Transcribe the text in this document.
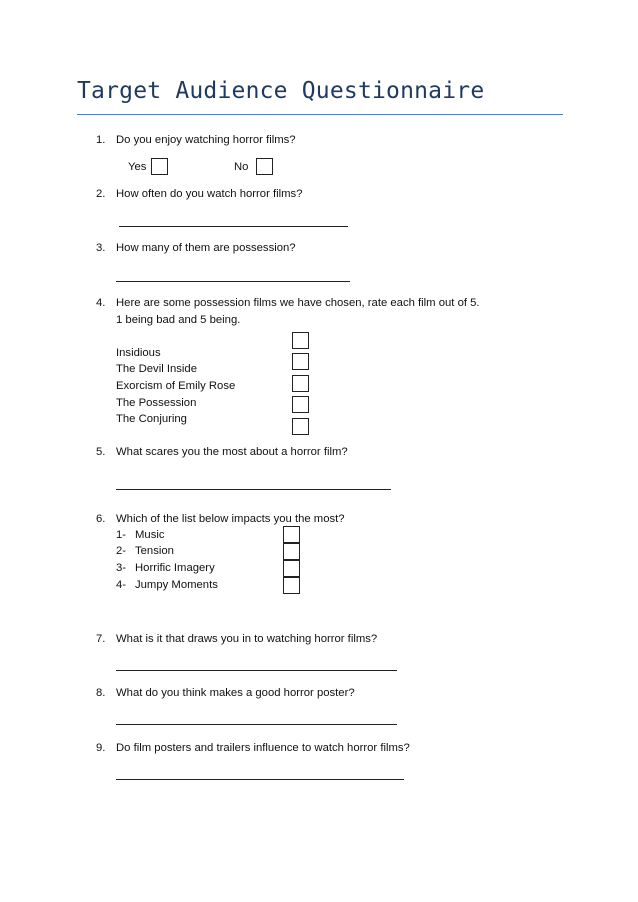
Target Audience Questionnaire
1. Do you enjoy watching horror films?
Yes	No
2. How often do you watch horror films?
3. How many of them are possession?
4. Here are some possession films we have chosen, rate each film out of 5.
1 being bad and 5 being.
Insidious
The Devil Inside
Exorcism of Emily Rose
The Possession
The Conjuring
5. What scares you the most about a horror film?
6. Which of the list below impacts you the most?
1- Music
2- Tension
3- Horrific Imagery
4- Jumpy Moments
7. What is it that draws you in to watching horror films?
8. What do you think makes a good horror poster?
9. Do film posters and trailers influence to watch horror films?
